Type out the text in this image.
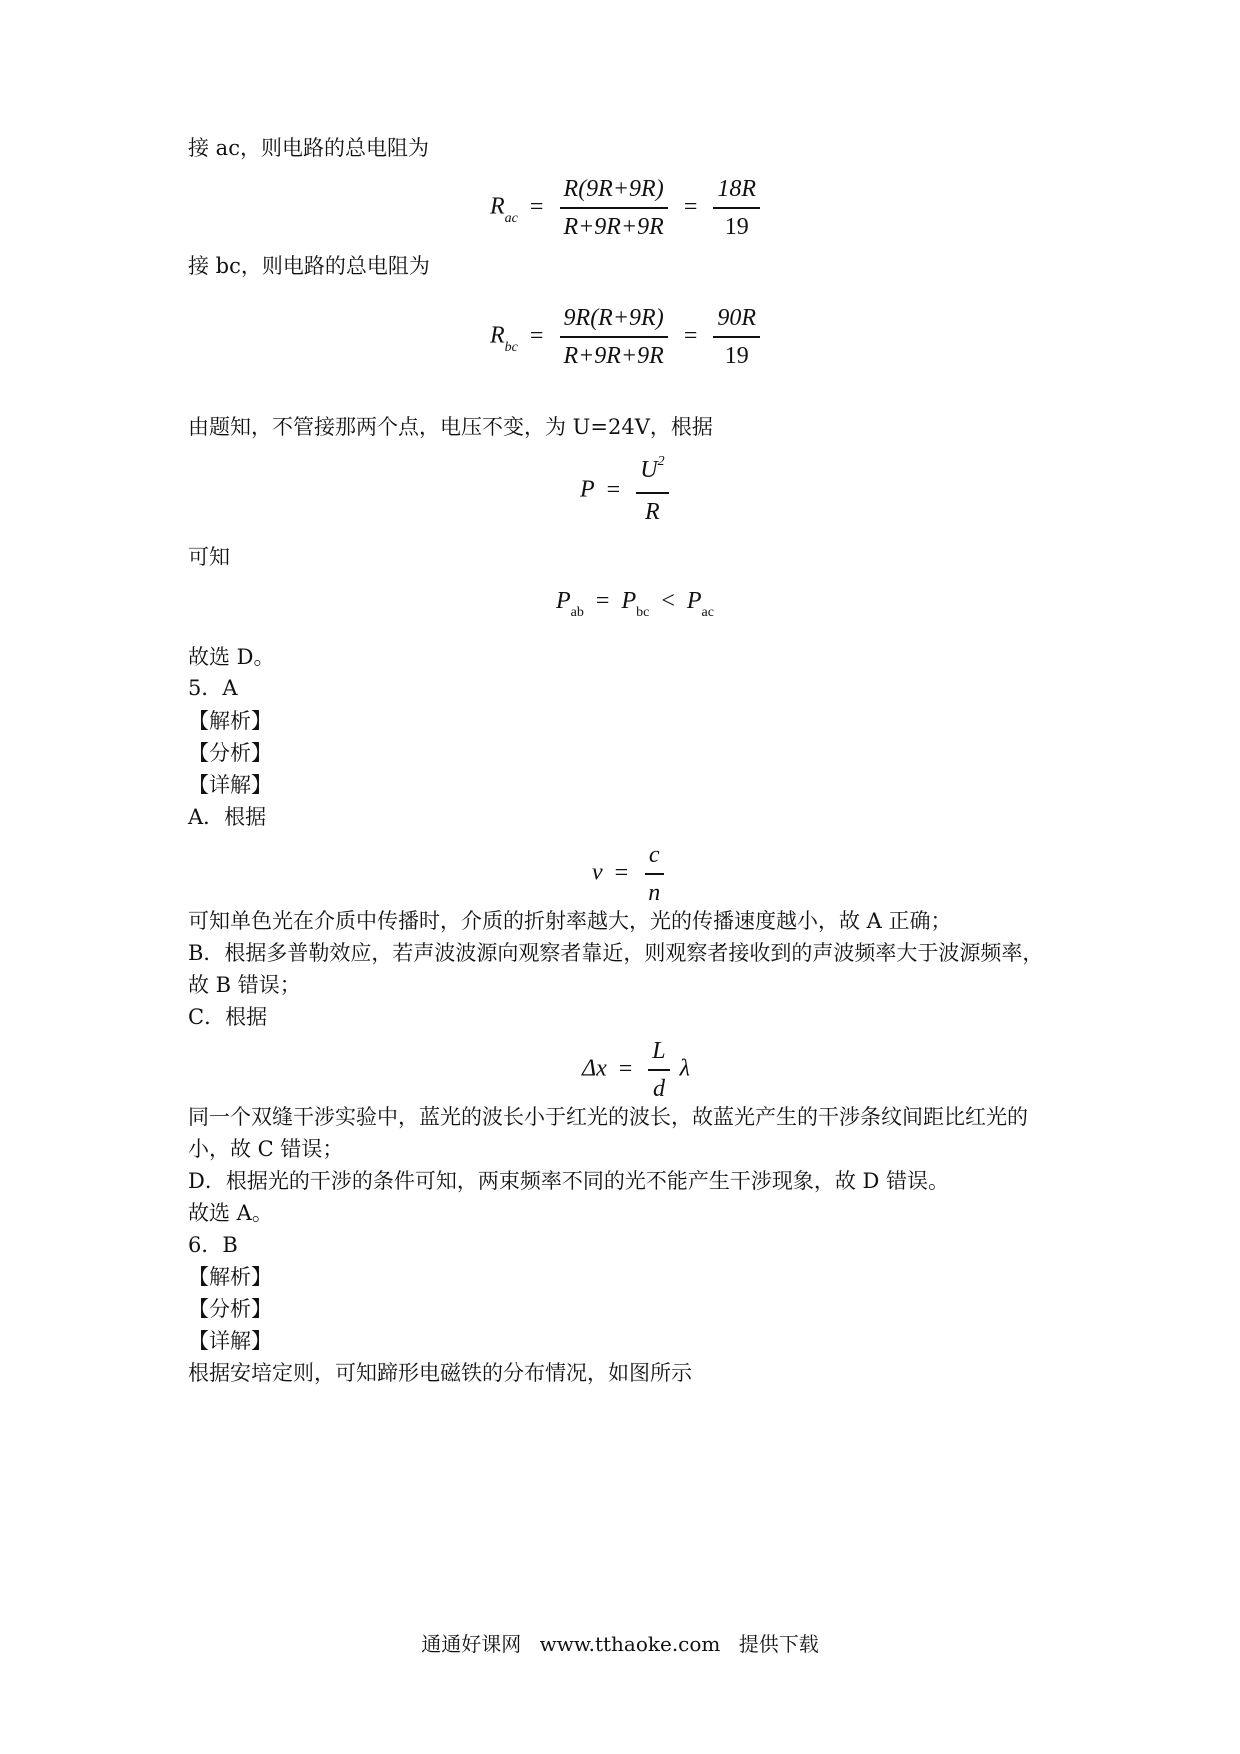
接 ac，则电路的总电阻为
$R_{ac} = \frac{R(9R+9R)}{R+9R+9R} = \frac{18R}{19}$
接 bc，则电路的总电阻为
$R_{bc} = \frac{9R(R+9R)}{R+9R+9R} = \frac{90R}{19}$
由题知，不管接那两个点，电压不变，为 U=24V，根据
$P = \frac{U^2}{R}$
可知
$P_{ab} = P_{bc} < P_{ac}$
故选 D。
5．A
【解析】
【分析】
【详解】
A．根据
$v = \frac{c}{n}$
可知单色光在介质中传播时，介质的折射率越大，光的传播速度越小，故 A 正确；
B．根据多普勒效应，若声波波源向观察者靠近，则观察者接收到的声波频率大于波源频率，
故 B 错误；
C．根据
$\Delta x = \frac{L}{d}$ λ
同一个双缝干涉实验中，蓝光的波长小于红光的波长，故蓝光产生的干涉条纹间距比红光的
小，故 C 错误；
D．根据光的干涉的条件可知，两束频率不同的光不能产生干涉现象，故 D 错误。
故选 A。
6．B
【解析】
【分析】
【详解】
根据安培定则，可知蹄形电磁铁的分布情况，如图所示
通通好课网 www.tthaoke.com 提供下载
